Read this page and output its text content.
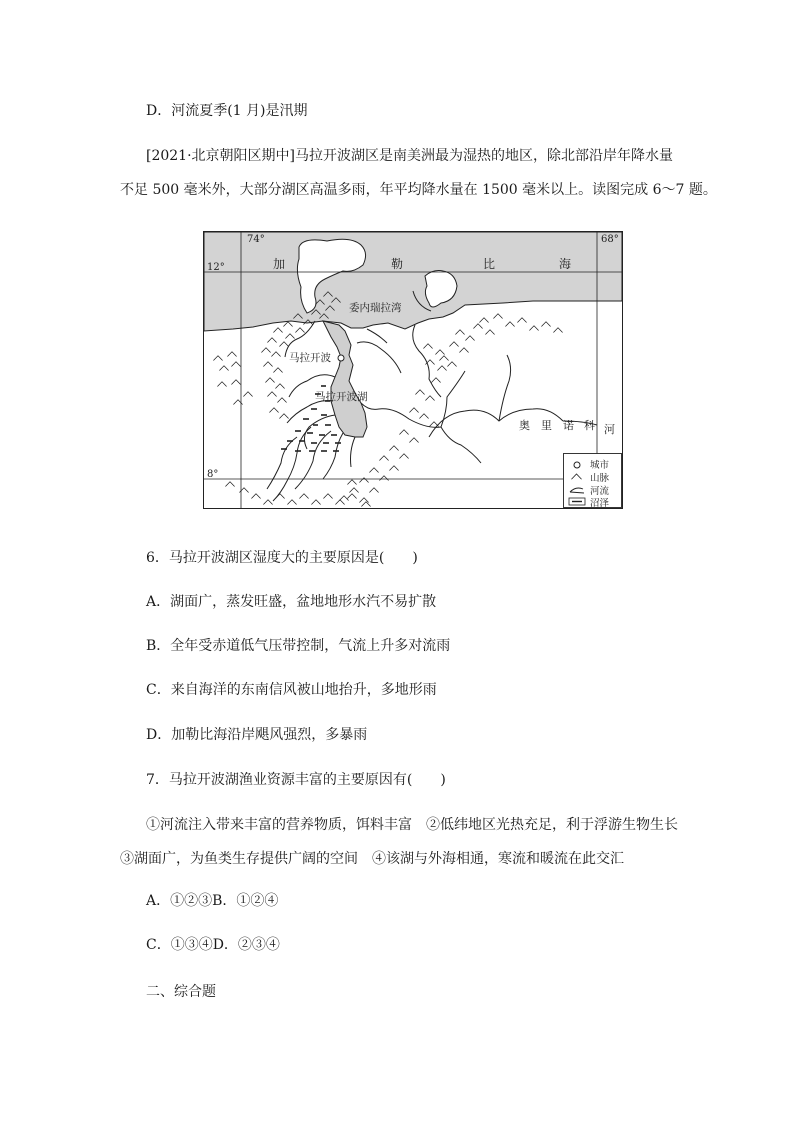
D．河流夏季(1 月)是汛期
[2021·北京朝阳区期中]马拉开波湖区是南美洲最为湿热的地区，除北部沿岸年降水量
不足 500 毫米外，大部分湖区高温多雨，年平均降水量在 1500 毫米以上。读图完成 6～7 题。
74°	68°
12°
8°
加	勒	比	海
委内瑞拉湾
马拉开波
马拉开波湖
奥 里 诺 科 河
城市
山脉
河流
沼泽
6．马拉开波湖区湿度大的主要原因是(　　)
A．湖面广，蒸发旺盛，盆地地形水汽不易扩散
B．全年受赤道低气压带控制，气流上升多对流雨
C．来自海洋的东南信风被山地抬升，多地形雨
D．加勒比海沿岸飓风强烈，多暴雨
7．马拉开波湖渔业资源丰富的主要原因有(　　)
①河流注入带来丰富的营养物质，饵料丰富　②低纬地区光热充足，利于浮游生物生长
③湖面广，为鱼类生存提供广阔的空间　④该湖与外海相通，寒流和暖流在此交汇
A．①②③B．①②④
C．①③④D．②③④
二、综合题
